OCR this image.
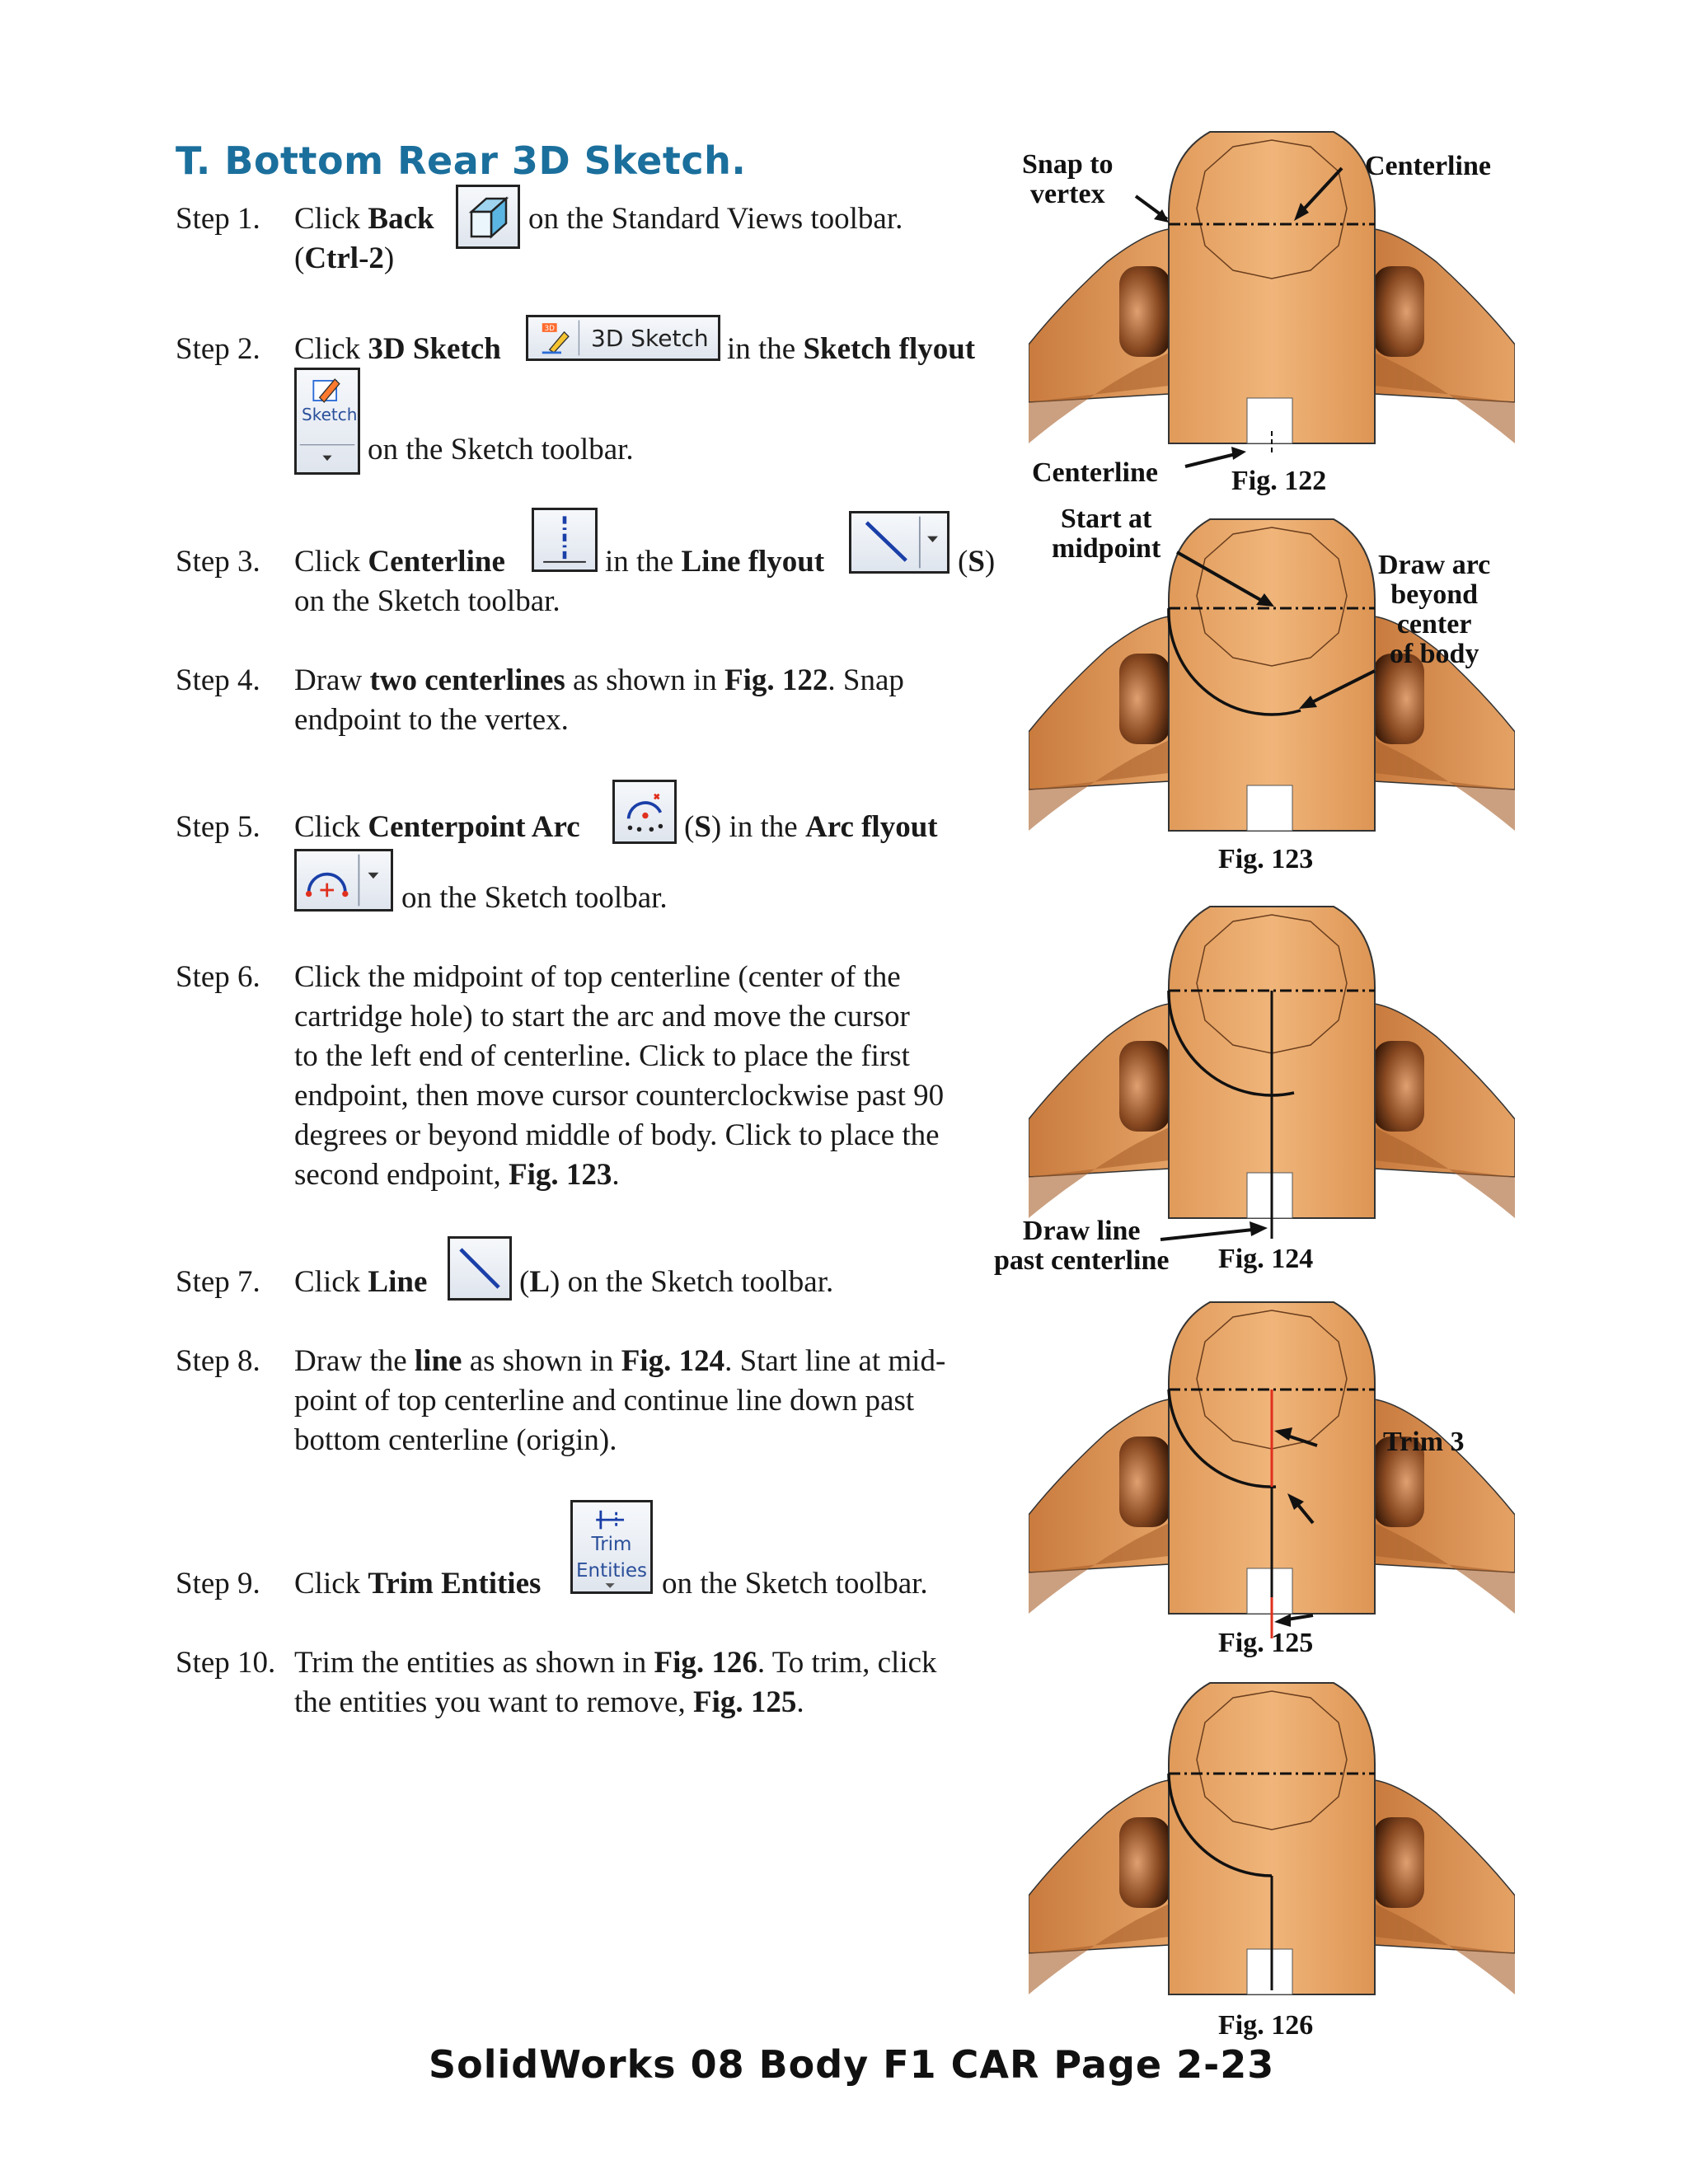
T. Bottom Rear 3D Sketch.
Step 1. Click Back	on the Standard Views toolbar.
(Ctrl-2)
Step 2. Click 3D Sketch	in the Sketch flyout
on the Sketch toolbar.
Step 3. Click Centerline	in the Line flyout	(S)
on the Sketch toolbar.
Step 4. Draw two centerlines as shown in Fig. 122. Snap
endpoint to the vertex.
Step 5. Click Centerpoint Arc	(S) in the Arc flyout
on the Sketch toolbar.
Step 6. Click the midpoint of top centerline (center of the
cartridge hole) to start the arc and move the cursor
to the left end of centerline. Click to place the first
endpoint, then move cursor counterclockwise past 90
degrees or beyond middle of body. Click to place the
second endpoint, Fig. 123.
Step 7. Click Line	(L) on the Sketch toolbar.
Step 8. Draw the line as shown in Fig. 124. Start line at mid-
point of top centerline and continue line down past
bottom centerline (origin).
Step 9. Click Trim Entities	on the Sketch toolbar.
Step 10. Trim the entities as shown in Fig. 126. To trim, click
the entities you want to remove, Fig. 125.
3D 3D Sketch
Sketch
Trim
Entities
Snap to
vertex
Centerline
Centerline	Fig. 122
Start at
midpoint
Draw arc
beyond
center
of body
Fig. 123
Draw line
past centerline Fig. 124
Trim 3
Fig. 125
Fig. 126
SolidWorks 08 Body F1 CAR Page 2-23
